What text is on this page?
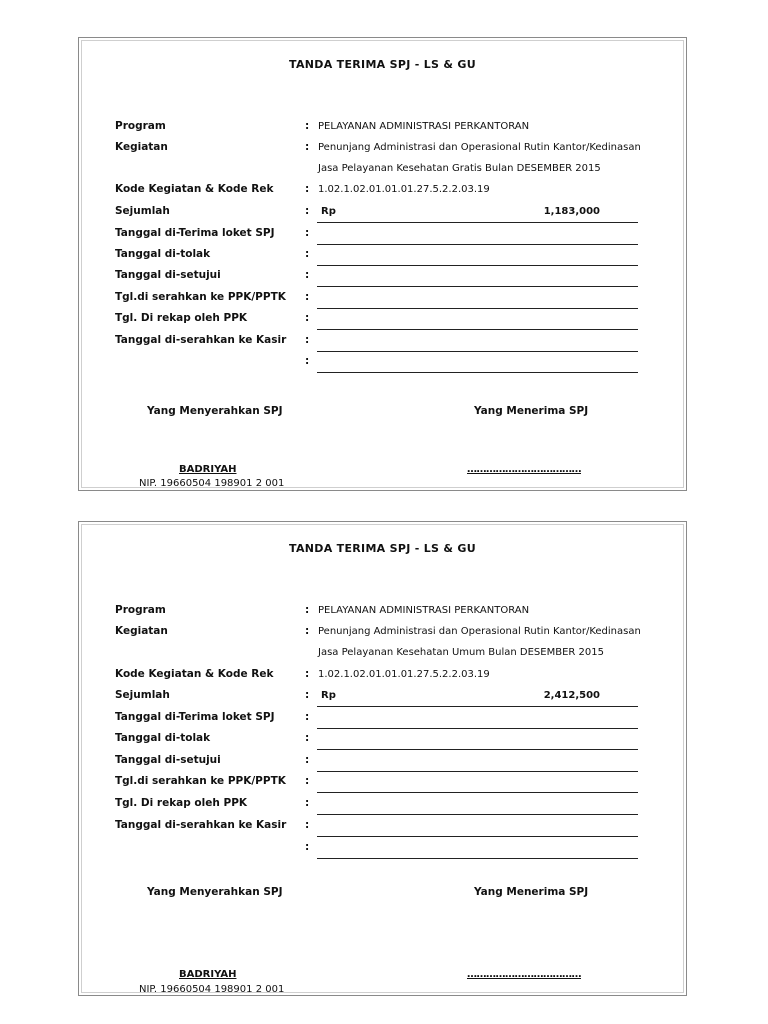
TANDA TERIMA SPJ - LS & GU
Program	: PELAYANAN ADMINISTRASI PERKANTORAN
Kegiatan	: Penunjang Administrasi dan Operasional Rutin Kantor/Kedinasan
Jasa Pelayanan Kesehatan Gratis Bulan DESEMBER 2015
Kode Kegiatan & Kode Rek	: 1.02.1.02.01.01.01.27.5.2.2.03.19
Sejumlah	: Rp	1,183,000
Tanggal di-Terima loket SPJ	:
Tanggal di-tolak	:
Tanggal di-setujui	:
Tgl.di serahkan ke PPK/PPTK :
Tgl. Di rekap oleh PPK	:
Tanggal di-serahkan ke Kasir :
:
Yang Menyerahkan SPJ	Yang Menerima SPJ
BADRIYAH
NIP. 19660504 198901 2 001
………………………………
TANDA TERIMA SPJ - LS & GU
Program	: PELAYANAN ADMINISTRASI PERKANTORAN
Kegiatan	: Penunjang Administrasi dan Operasional Rutin Kantor/Kedinasan
Jasa Pelayanan Kesehatan Umum Bulan DESEMBER 2015
Kode Kegiatan & Kode Rek	: 1.02.1.02.01.01.01.27.5.2.2.03.19
Sejumlah	: Rp	2,412,500
Tanggal di-Terima loket SPJ	:
Tanggal di-tolak	:
Tanggal di-setujui	:
Tgl.di serahkan ke PPK/PPTK :
Tgl. Di rekap oleh PPK	:
Tanggal di-serahkan ke Kasir :
:
Yang Menyerahkan SPJ	Yang Menerima SPJ
BADRIYAH
NIP. 19660504 198901 2 001
………………………………
